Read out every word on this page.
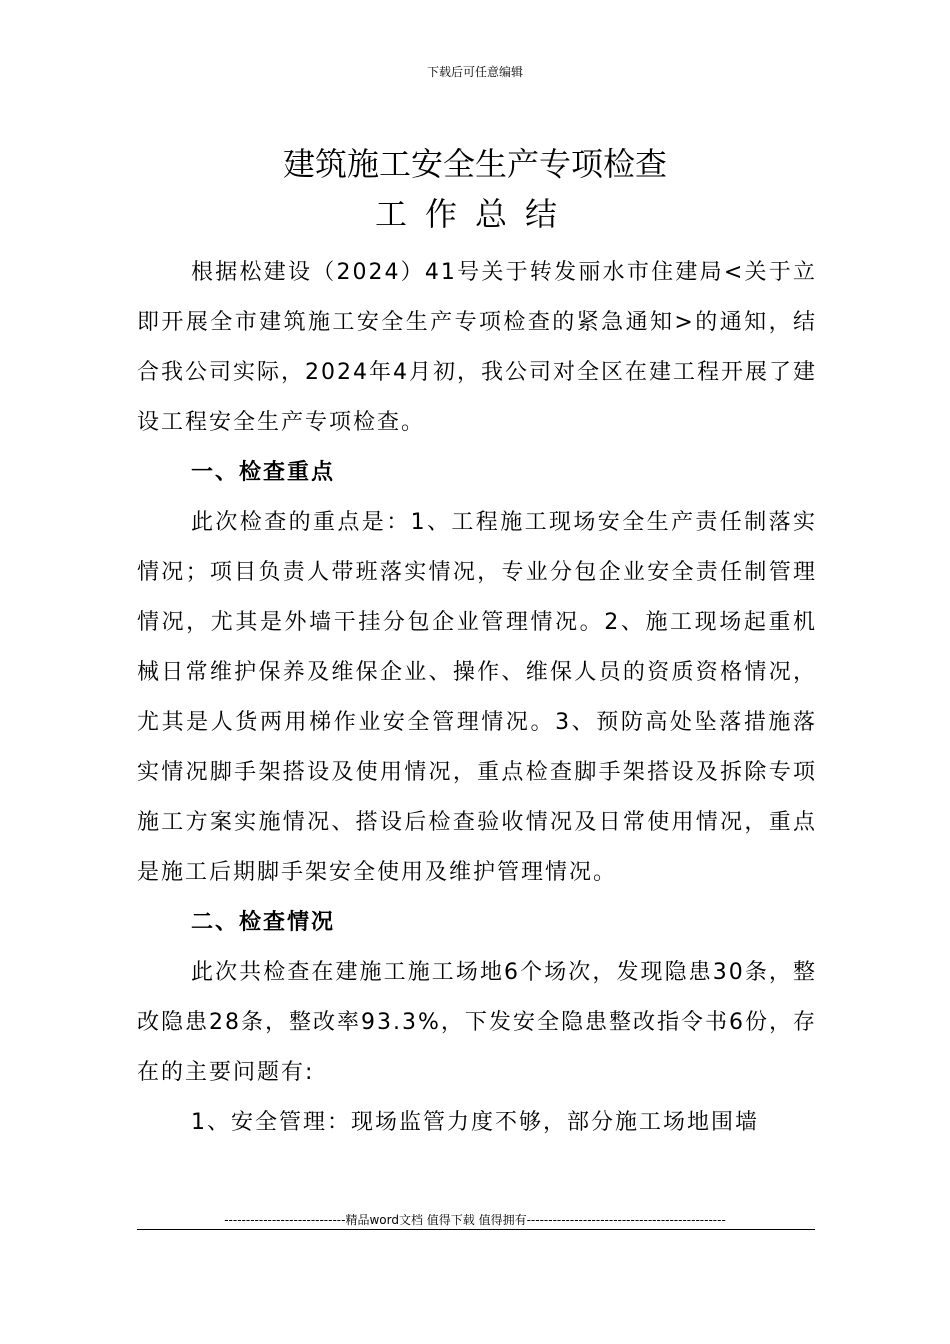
下载后可任意编辑
建筑施工安全生产专项检查
工作总结

根据松建设（2024）41号关于转发丽水市住建局<关于立即开展全市建筑施工安全生产专项检查的紧急通知>的通知，结合我公司实际，2024年4月初，我公司对全区在建工程开展了建设工程安全生产专项检查。

一、检查重点

此次检查的重点是：1、工程施工现场安全生产责任制落实情况；项目负责人带班落实情况，专业分包企业安全责任制管理情况，尤其是外墙干挂分包企业管理情况。2、施工现场起重机械日常维护保养及维保企业、操作、维保人员的资质资格情况，尤其是人货两用梯作业安全管理情况。3、预防高处坠落措施落实情况脚手架搭设及使用情况，重点检查脚手架搭设及拆除专项施工方案实施情况、搭设后检查验收情况及日常使用情况，重点是施工后期脚手架安全使用及维护管理情况。

二、检查情况

此次共检查在建施工施工场地6个场次，发现隐患30条，整改隐患28条，整改率93.3%，下发安全隐患整改指令书6份，存在的主要问题有:

1、安全管理：现场监管力度不够，部分施工场地围墙

----------------------------精品word文档 值得下载 值得拥有----------------------------------------------
